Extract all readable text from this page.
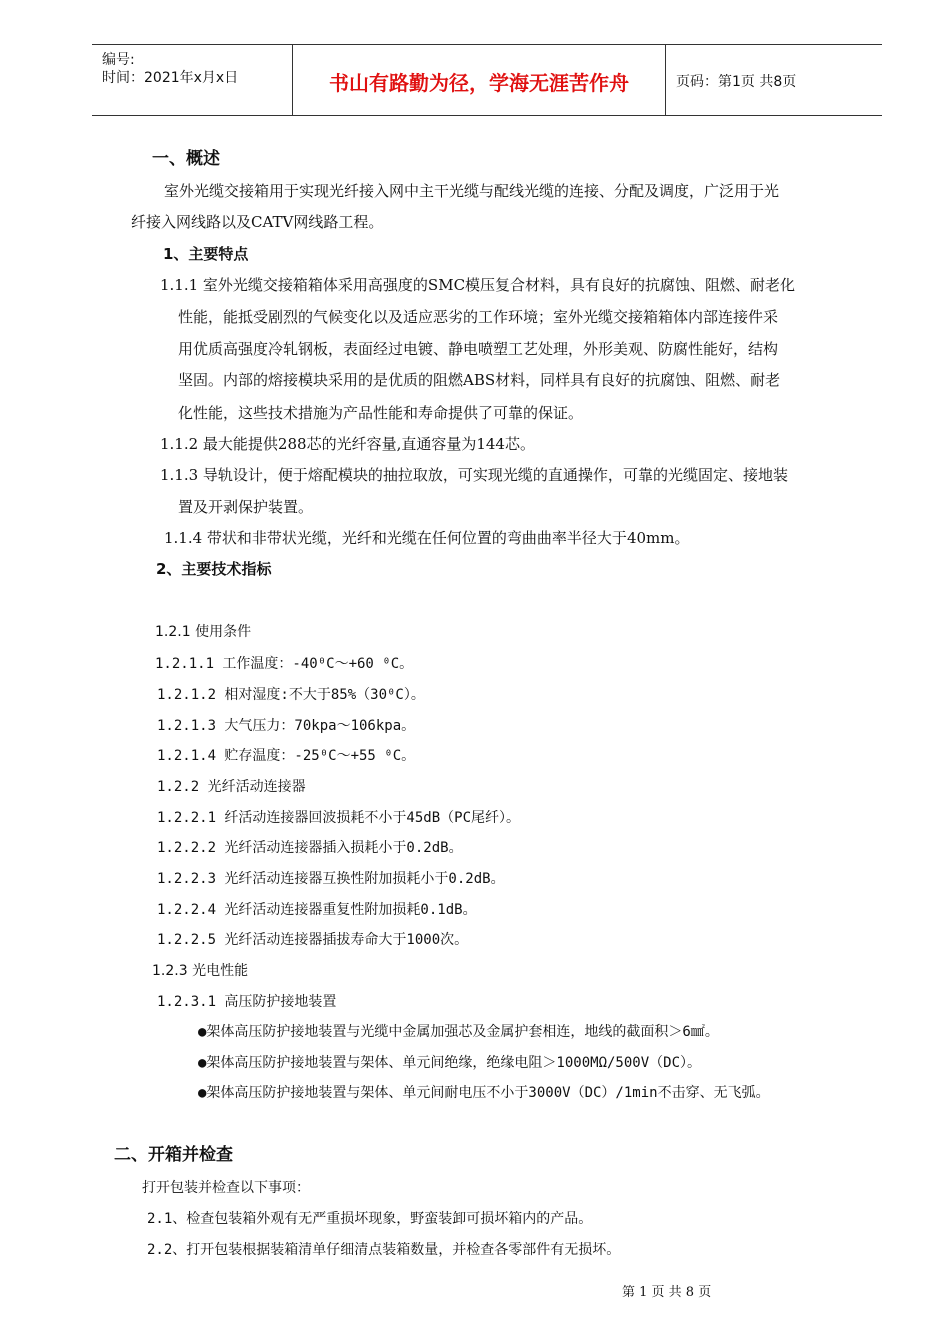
编号:
时间：2021年x月x日	书山有路勤为径，学海无涯苦作舟	页码：第1页 共8页
一、概述
室外光缆交接箱用于实现光纤接入网中主干光缆与配线光缆的连接、分配及调度，广泛用于光
纤接入网线路以及CATV网线路工程。
1、主要特点
1.1.1 室外光缆交接箱箱体采用高强度的SMC模压复合材料，具有良好的抗腐蚀、阻燃、耐老化
性能，能抵受剧烈的气候变化以及适应恶劣的工作环境；室外光缆交接箱箱体内部连接件采
用优质高强度冷轧钢板，表面经过电镀、静电喷塑工艺处理，外形美观、防腐性能好，结构
坚固。内部的熔接模块采用的是优质的阻燃ABS材料，同样具有良好的抗腐蚀、阻燃、耐老
化性能，这些技术措施为产品性能和寿命提供了可靠的保证。
1.1.2 最大能提供288芯的光纤容量,直通容量为144芯。
1.1.3 导轨设计，便于熔配模块的抽拉取放，可实现光缆的直通操作，可靠的光缆固定、接地装
置及开剥保护装置。
1.1.4 带状和非带状光缆，光纤和光缆在任何位置的弯曲曲率半径大于40mm。
2、主要技术指标
1.2.1 使用条件
1.2.1.1 工作温度：-40⁰C～+60 ⁰C。
1.2.1.2 相对湿度:不大于85%（30⁰C）。
1.2.1.3 大气压力：70kpa～106kpa。
1.2.1.4 贮存温度：-25⁰C～+55 ⁰C。
1.2.2 光纤活动连接器
1.2.2.1 纤活动连接器回波损耗不小于45dB（PC尾纤）。
1.2.2.2 光纤活动连接器插入损耗小于0.2dB。
1.2.2.3 光纤活动连接器互换性附加损耗小于0.2dB。
1.2.2.4 光纤活动连接器重复性附加损耗0.1dB。
1.2.2.5 光纤活动连接器插拔寿命大于1000次。
1.2.3 光电性能
1.2.3.1 高压防护接地装置
●架体高压防护接地装置与光缆中金属加强芯及金属护套相连，地线的截面积＞6㎟。
●架体高压防护接地装置与架体、单元间绝缘，绝缘电阻＞1000MΩ/500V（DC）。
●架体高压防护接地装置与架体、单元间耐电压不小于3000V（DC）/1min不击穿、无飞弧。
二、开箱并检查
打开包装并检查以下事项：
2.1、检查包装箱外观有无严重损坏现象，野蛮装卸可损坏箱内的产品。
2.2、打开包装根据装箱清单仔细清点装箱数量，并检查各零部件有无损坏。
第 1 页 共 8 页
